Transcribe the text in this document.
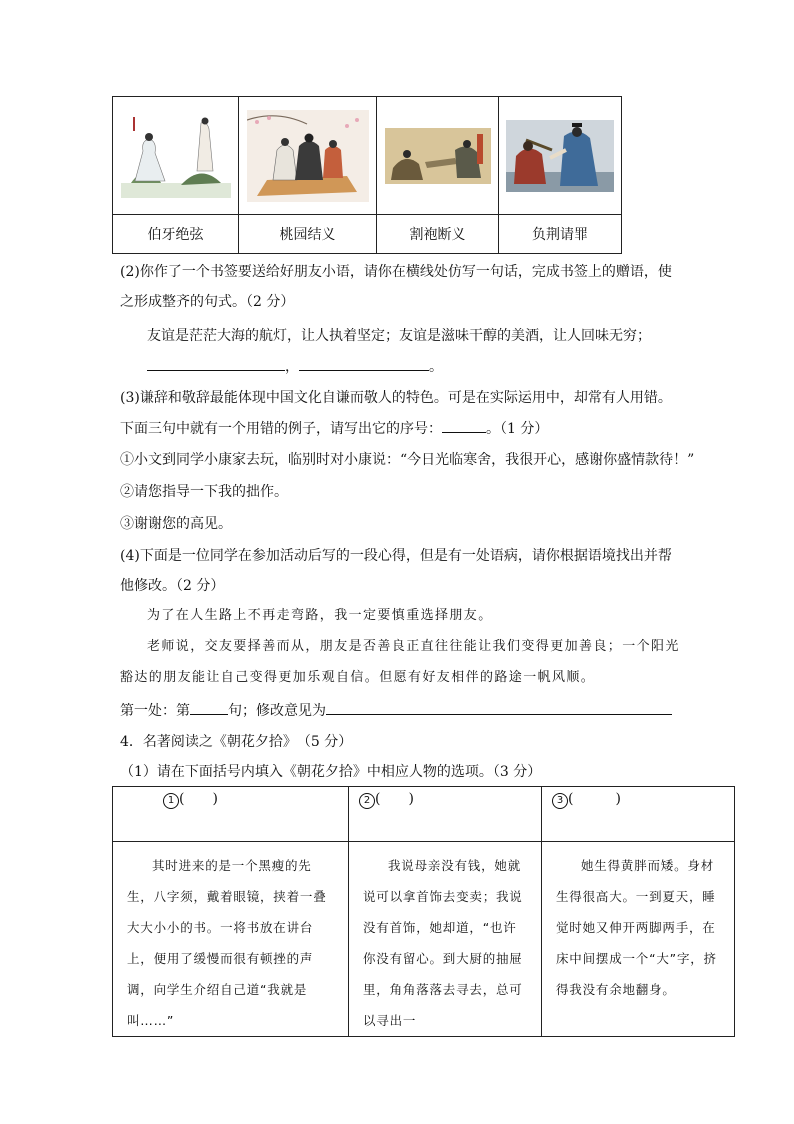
伯牙绝弦	桃园结义	割袍断义	负荆请罪
(2)你作了一个书签要送给好朋友小语，请你在横线处仿写一句话，完成书签上的赠语，使
之形成整齐的句式。（2 分）
友谊是茫茫大海的航灯，让人执着坚定；友谊是滋味干醇的美酒，让人回味无穷；
，	。
(3)谦辞和敬辞最能体现中国文化自谦而敬人的特色。可是在实际运用中，却常有人用错。
下面三句中就有一个用错的例子，请写出它的序号：	。（1 分）
①小文到同学小康家去玩，临别时对小康说：“今日光临寒舍，我很开心，感谢你盛情款待！”
②请您指导一下我的拙作。
③谢谢您的高见。
(4)下面是一位同学在参加活动后写的一段心得，但是有一处语病，请你根据语境找出并帮
他修改。（2 分）
为了在人生路上不再走弯路，我一定要慎重选择朋友。
老师说，交友要择善而从，朋友是否善良正直往往能让我们变得更加善良；一个阳光
豁达的朋友能让自己变得更加乐观自信。但愿有好友相伴的路途一帆风顺。
第一处：第	句；修改意见为
4．名著阅读之《朝花夕拾》　（5 分）
（1）请在下面括号内填入《朝花夕拾》中相应人物的选项。（3 分）
1 (　　)	2 (　　)	3 (　　　)
其时进来的是一个黑瘦的先生，八字须，戴着眼镜，挟着一叠大大小小的书。一将书放在讲台上，便用了缓慢而很有顿挫的声调，向学生介绍自己道“我就是叫……”	我说母亲没有钱，她就说可以拿首饰去变卖；我说没有首饰，她却道，“也许你没有留心。到大厨的抽屉里，角角落落去寻去，总可以寻出一	她生得黄胖而矮。身材生得很高大。一到夏天，睡觉时她又伸开两脚两手，在床中间摆成一个“大”字，挤得我没有余地翻身。
